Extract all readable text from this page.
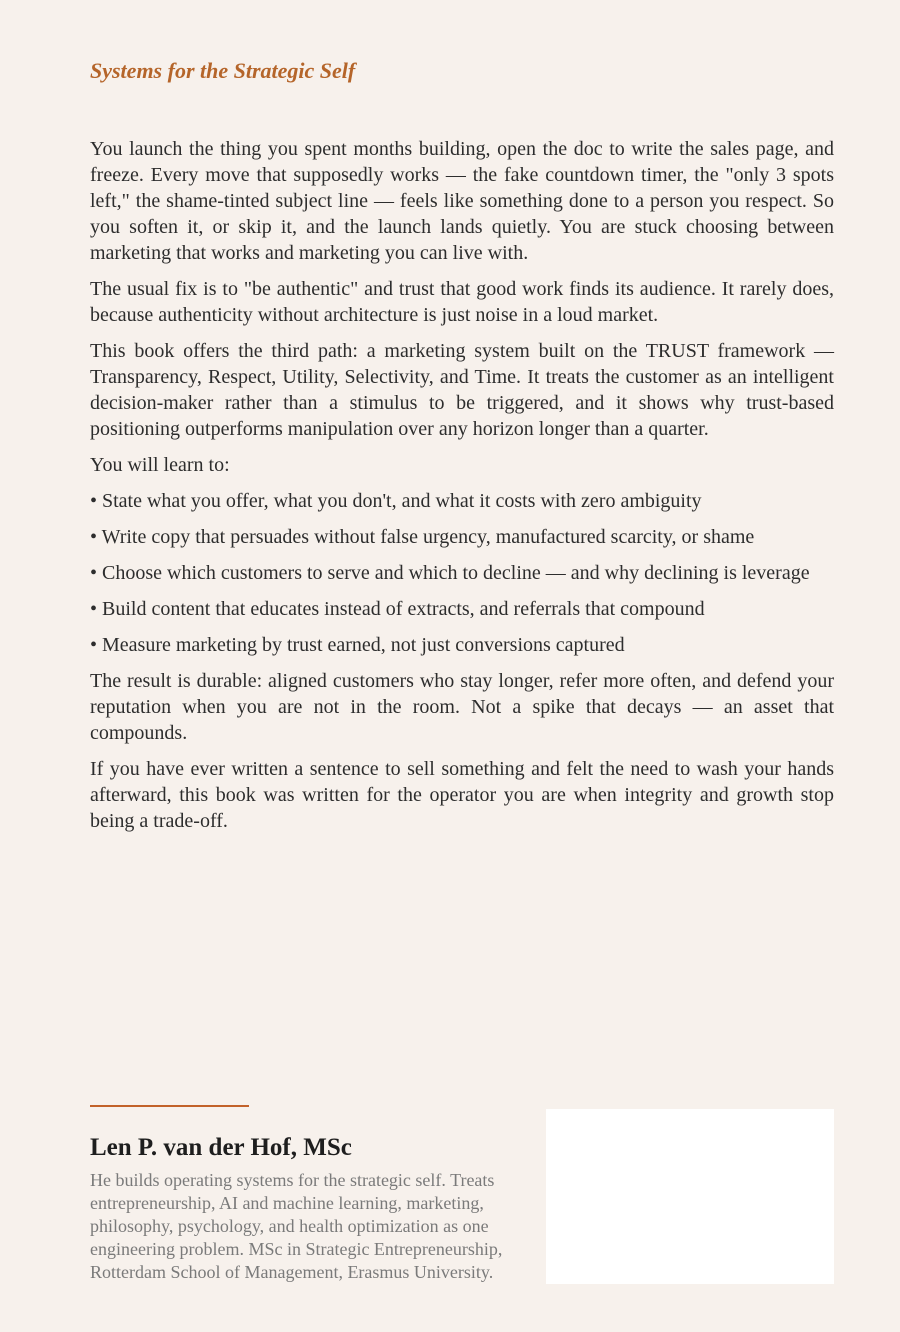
Systems for the Strategic Self

You launch the thing you spent months building, open the doc to write the sales page, and freeze. Every move that supposedly works — the fake countdown timer, the "only 3 spots left," the shame-tinted subject line — feels like something done to a person you respect. So you soften it, or skip it, and the launch lands quietly. You are stuck choosing between marketing that works and marketing you can live with.

The usual fix is to "be authentic" and trust that good work finds its audience. It rarely does, because authenticity without architecture is just noise in a loud market.

This book offers the third path: a marketing system built on the TRUST framework — Transparency, Respect, Utility, Selectivity, and Time. It treats the customer as an intelligent decision-maker rather than a stimulus to be triggered, and it shows why trust-based positioning outperforms manipulation over any horizon longer than a quarter.

You will learn to:

• State what you offer, what you don't, and what it costs with zero ambiguity

• Write copy that persuades without false urgency, manufactured scarcity, or shame

• Choose which customers to serve and which to decline — and why declining is leverage

• Build content that educates instead of extracts, and referrals that compound

• Measure marketing by trust earned, not just conversions captured

The result is durable: aligned customers who stay longer, refer more often, and defend your reputation when you are not in the room. Not a spike that decays — an asset that compounds.

If you have ever written a sentence to sell something and felt the need to wash your hands afterward, this book was written for the operator you are when integrity and growth stop being a trade-off.

Len P. van der Hof, MSc

He builds operating systems for the strategic self. Treats entrepreneurship, AI and machine learning, marketing, philosophy, psychology, and health optimization as one engineering problem. MSc in Strategic Entrepreneurship, Rotterdam School of Management, Erasmus University.
